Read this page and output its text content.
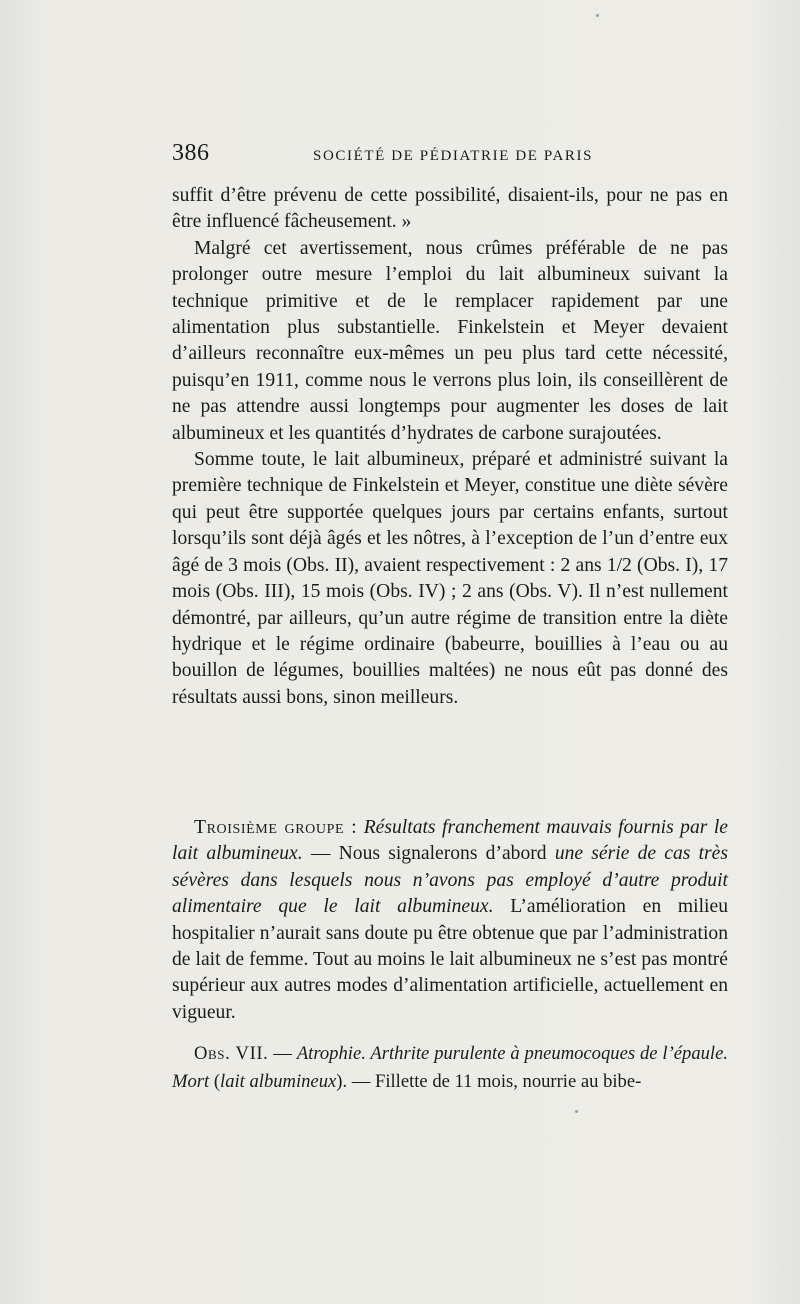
386	SOCIÉTÉ DE PÉDIATRIE DE PARIS

suffit d’être prévenu de cette possibilité, disaient-ils, pour ne pas en être influencé fâcheusement. »

Malgré cet avertissement, nous crûmes préférable de ne pas prolonger outre mesure l’emploi du lait albumineux suivant la technique primitive et de le remplacer rapidement par une alimentation plus substantielle. Finkelstein et Meyer devaient d’ailleurs reconnaître eux-mêmes un peu plus tard cette nécessité, puisqu’en 1911, comme nous le verrons plus loin, ils conseillèrent de ne pas attendre aussi longtemps pour augmenter les doses de lait albumineux et les quantités d’hydrates de carbone surajoutées.

Somme toute, le lait albumineux, préparé et administré suivant la première technique de Finkelstein et Meyer, constitue une diète sévère qui peut être supportée quelques jours par certains enfants, surtout lorsqu’ils sont déjà âgés et les nôtres, à l’exception de l’un d’entre eux âgé de 3 mois (Obs. II), avaient respectivement : 2 ans 1/2 (Obs. I), 17 mois (Obs. III), 15 mois (Obs. IV) ; 2 ans (Obs. V). Il n’est nullement démontré, par ailleurs, qu’un autre régime de transition entre la diète hydrique et le régime ordinaire (babeurre, bouillies à l’eau ou au bouillon de légumes, bouillies maltées) ne nous eût pas donné des résultats aussi bons, sinon meilleurs.

Troisième groupe : Résultats franchement mauvais fournis par le lait albumineux. — Nous signalerons d’abord une série de cas très sévères dans lesquels nous n’avons pas employé d’autre produit alimentaire que le lait albumineux. L’amélioration en milieu hospitalier n’aurait sans doute pu être obtenue que par l’administration de lait de femme. Tout au moins le lait albumineux ne s’est pas montré supérieur aux autres modes d’alimentation artificielle, actuellement en vigueur.

Obs. VII. — Atrophie. Arthrite purulente à pneumocoques de l’épaule. Mort (lait albumineux). — Fillette de 11 mois, nourrie au bibe-
